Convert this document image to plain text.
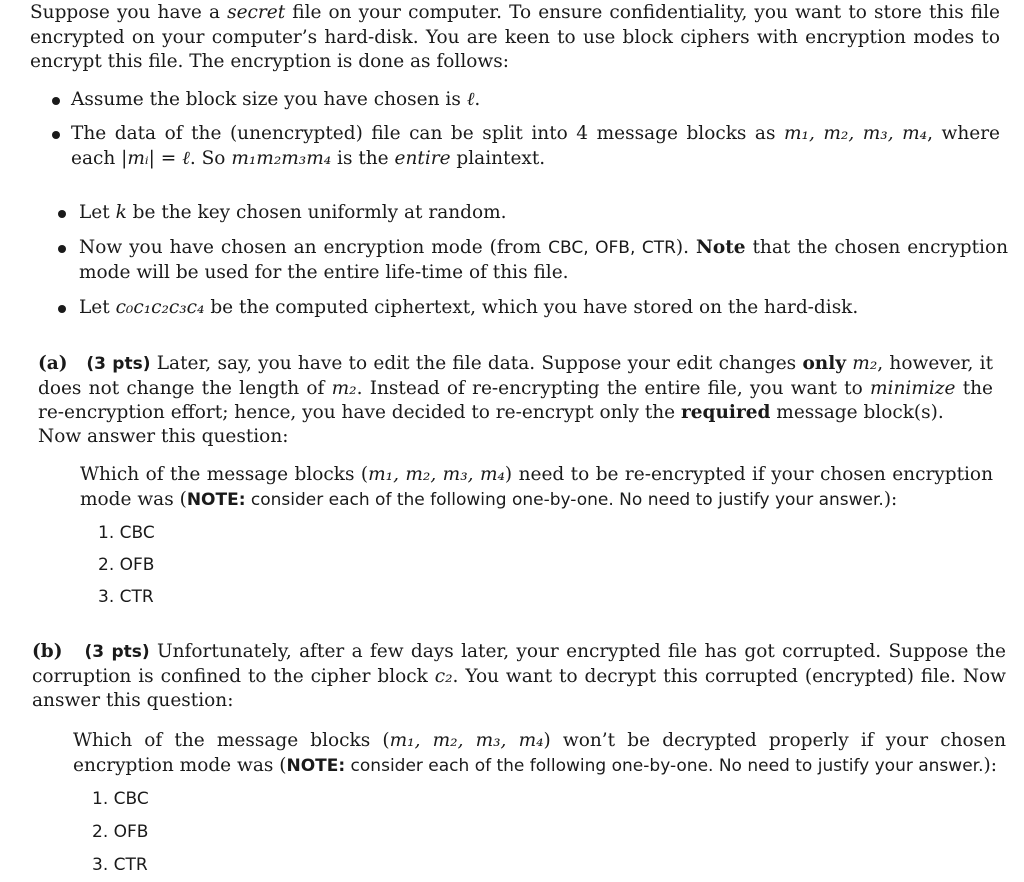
Suppose you have a secret file on your computer. To ensure confidentiality, you want to store this file encrypted on your computer’s hard-disk. You are keen to use block ciphers with encryption modes to encrypt this file. The encryption is done as follows:
Assume the block size you have chosen is ℓ.
The data of the (unencrypted) file can be split into 4 message blocks as m₁, m₂, m₃, m₄, where each |mᵢ| = ℓ. So m₁m₂m₃m₄ is the entire plaintext.
Let k be the key chosen uniformly at random.
Now you have chosen an encryption mode (from CBC, OFB, CTR). Note that the chosen encryption mode will be used for the entire life-time of this file.
Let c₀c₁c₂c₃c₄ be the computed ciphertext, which you have stored on the hard-disk.
(a) (3 pts) Later, say, you have to edit the file data. Suppose your edit changes only m₂, however, it does not change the length of m₂. Instead of re-encrypting the entire file, you want to minimize the re-encryption effort; hence, you have decided to re-encrypt only the required message block(s).
Now answer this question:
Which of the message blocks (m₁, m₂, m₃, m₄) need to be re-encrypted if your chosen encryption mode was (NOTE: consider each of the following one-by-one. No need to justify your answer.):
1. CBC
2. OFB
3. CTR
(b) (3 pts) Unfortunately, after a few days later, your encrypted file has got corrupted. Suppose the corruption is confined to the cipher block c₂. You want to decrypt this corrupted (encrypted) file. Now answer this question:
Which of the message blocks (m₁, m₂, m₃, m₄) won’t be decrypted properly if your chosen encryption mode was (NOTE: consider each of the following one-by-one. No need to justify your answer.):
1. CBC
2. OFB
3. CTR
